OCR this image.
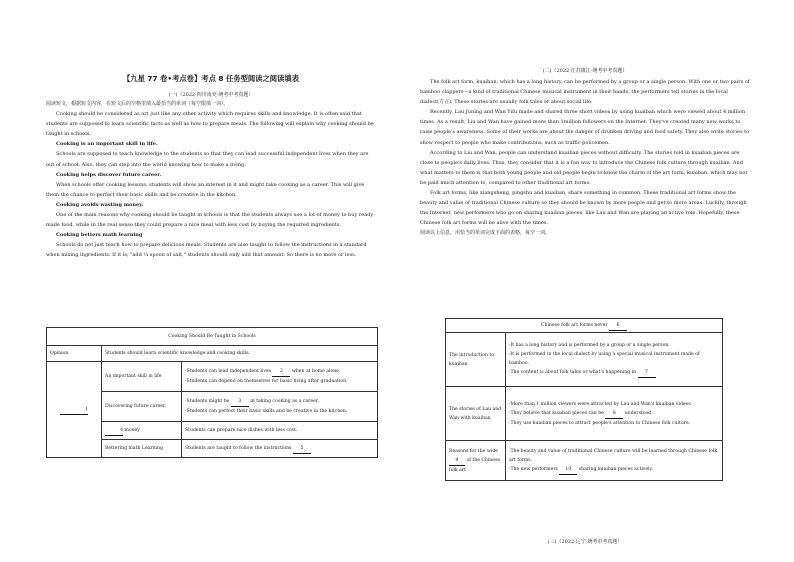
【九星 77 卷•考点卷】考点 8 任务型阅读之阅读填表
(一)（2022·四川南充·统考中考真题）

阅读短文，根据短文内容，在短文后的空格里填入最恰当的单词（每空限填一词）。

Cooking should be considered as art just like any other activity which requires skills and knowledge. It is often said that students are supposed to learn scientific facts as well as how to prepare meals. The following will explain why cooking should be taught in schools.

Cooking is an important skill in life.

Schools are supposed to teach knowledge to the students so that they can lead successful independent lives when they are out of school. Also, they can step into the world knowing how to make a living.

Cooking helps discover future career.

When schools offer cooking lessons, students will show an interest in it and might take cooking as a career. This will give them the chance to perfect their basic skills and be creative in the kitchen.

Cooking avoids wasting money.

One of the main reasons why cooking should be taught in schools is that the students always use a lot of money to buy ready-made food, while in the real sense they could prepare a nice meal with less cost by buying the required ingredients.

Cooking betters math learning

Schools do not just teach how to prepare delicious meals. Students are also taught to follow the instructions in a standard when mixing ingredients. If it is, "add ¼ spoon of salt," students should only add that amount. So there is no more or less.

Cooking Should Be Taught in Schools		
Opinion	Students should learn scientific knowledge and cooking skills.	
1	An important skill in life	·Students can lead independent lives 2 when at home alone.
·Students can depend on themselves for basic living after graduation.
	Discovering future career.	·Students might be 3 in taking cooking as a career.
·Students can perfect their basic skills and be creative in the kitchen.
	4 money	Students can prepare nice dishes with less cost.
	Bettering math Learning	Students are taught to follow the instructions 5
(二)（2022·江苏镇江·统考中考真题）

The folk art form, kuaiban, which has a long history, can be performed by a group or a single person. With one or two pairs of bamboo clappers—a kind of traditional Chinese musical instrument in their hands, the performers tell stories in the local dialect(方言). These stories are usually folk tales or about social life.

Recently, Lau Juning and Wan Yifu made and shared three short videos by using kuaiban which were viewed about 4 million times. As a result, Liu and Wan have gained more than 1million followers on the Internet. They've created many new works to raise people's awareness. Some of their works are about the danger of drunken driving and food safety. They also write stories to show respect to people who make contributions, such as traffic policemen.

According to Liu and Wan, people can understand kuaiban pieces without difficulty. The stories told in kuaiban pieces are close to people's daily lives. Thus, they consider that it is a fun way to introduce the Chinese folk culture through kuaiban. And what matters to them is that both young people and old people begin to know the charm of the art form, kuaiban, which may not be paid much attention to, compared to other traditional art forms.

Folk art forms, like xiangsheng, pingshu and kuaiban, share something in common. These traditional art forms show the beauty and value of traditional Chinese culture so they should be known by more people and get to more areas. Luckily, through the Internet, new performers who go on sharing kuaiban pieces, like Lau and Wan are playing an active role. Hopefully, these Chinese folk art forms will be alive with the times.

阅读以上信息，用恰当的单词完成下面的表格，每空一词。

Chinese folk art forms never 6	
The introduction to kuaiban	·It has a long history and is performed by a group or a single person.
·It is performed in the local dialect by using a special musical instrument made of bamboo.
·The content is about folk tales or what's happening in 7
The stories of Lau and Wan with kuaiban	·More than 1 million viewers were attracted by Lau and Wan's kuaiban videos.
·They believe that kuaiban pieces can be 8 understood.
·They use kuaiban pieces to attract people's attention to Chinese folk culture.
Reasons for the wide 9 of the Chinese folk art	·The beauty and value of traditional Chinese culture will be learned through Chinese folk art forms.
·The new performers 10 sharing kuaiban pieces actively.
(三)（2022·辽宁·统考中考真题）
